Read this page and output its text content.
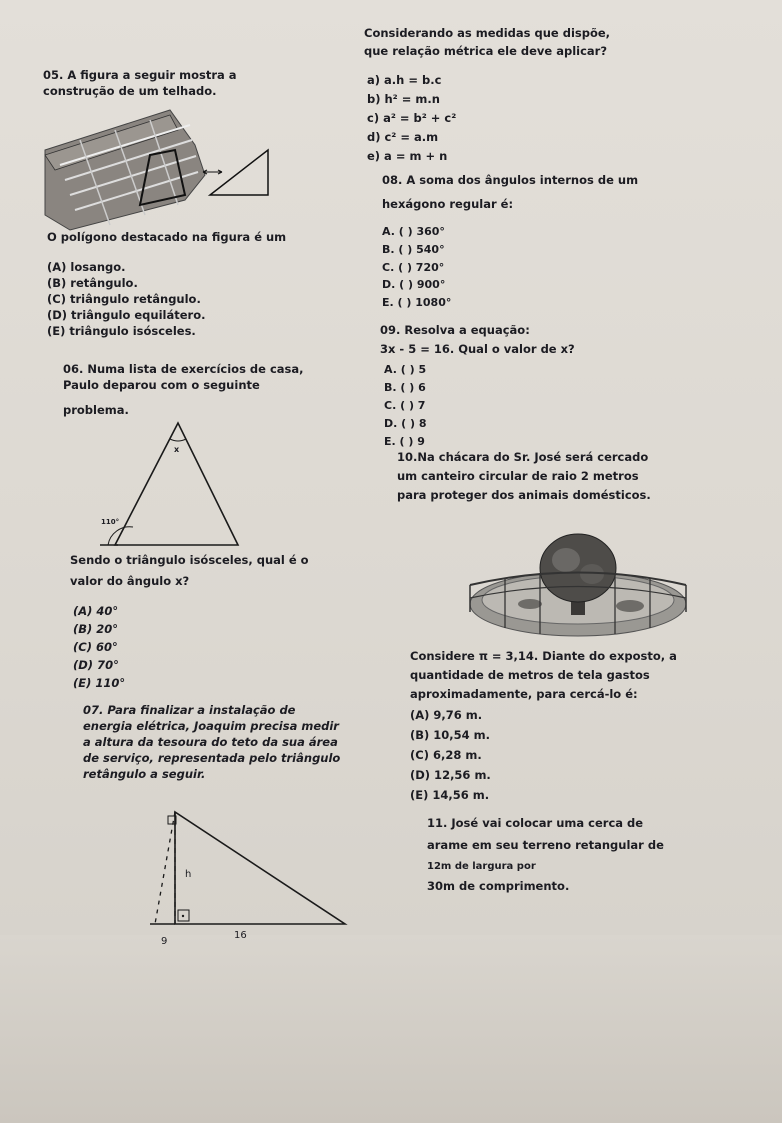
05. A figura a seguir mostra a
construção de um telhado.
O polígono destacado na figura é um
(A) losango.
(B) retângulo.
(C) triângulo retângulo.
(D) triângulo equilátero.
(E) triângulo isósceles.
06. Numa lista de exercícios de casa,
Paulo deparou com o seguinte
problema.
x
110°
Sendo o triângulo isósceles, qual é o
valor do ângulo x?
(A) 40°
(B) 20°
(C) 60°
(D) 70°
(E) 110°
07. Para finalizar a instalação de
energia elétrica, Joaquim precisa medir
a altura da tesoura do teto da sua área
de serviço, representada pelo triângulo
retângulo a seguir.
h
9
16
Considerando as medidas que dispõe,
que relação métrica ele deve aplicar?
a) a.h = b.c
b) h² = m.n
c) a² = b² + c²
d) c² = a.m
e) a = m + n
08. A soma dos ângulos internos de um
hexágono regular é:
A. ( ) 360°
B. ( ) 540°
C. ( ) 720°
D. ( ) 900°
E. ( ) 1080°
09. Resolva a equação:
3x - 5 = 16. Qual o valor de x?
A. ( ) 5
B. ( ) 6
C. ( ) 7
D. ( ) 8
E. ( ) 9
10.Na chácara do Sr. José será cercado
um canteiro circular de raio 2 metros
para proteger dos animais domésticos.
Considere π = 3,14. Diante do exposto, a
quantidade de metros de tela gastos
aproximadamente, para cercá-lo é:
(A) 9,76 m.
(B) 10,54 m.
(C) 6,28 m.
(D) 12,56 m.
(E) 14,56 m.
11. José vai colocar uma cerca de
arame em seu terreno retangular de
12m de largura por
30m de comprimento.
